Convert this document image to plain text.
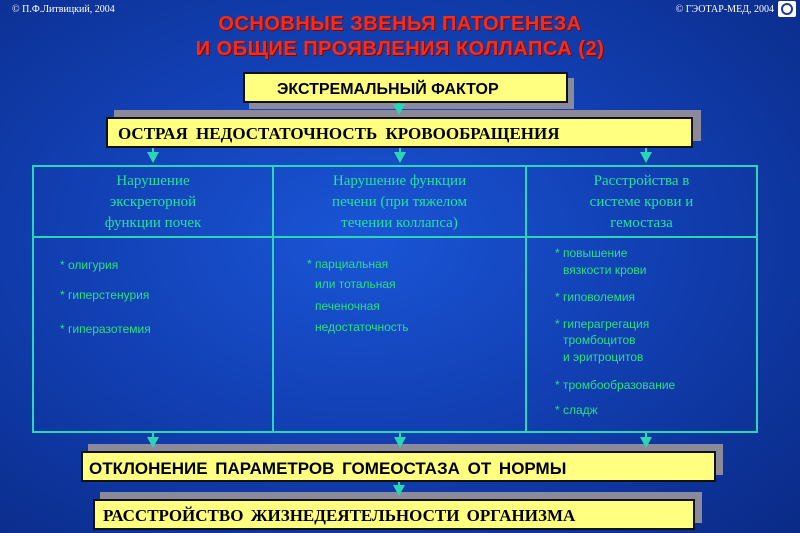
© П.Ф.Литвицкий, 2004	© ГЭОТАР-МЕД, 2004
ОСНОВНЫЕ ЗВЕНЬЯ ПАТОГЕНЕЗА
И ОБЩИЕ ПРОЯВЛЕНИЯ КОЛЛАПСА (2)
ЭКСТРЕМАЛЬНЫЙ ФАКТОР
ОСТРАЯ НЕДОСТАТОЧНОСТЬ КРОВООБРАЩЕНИЯ
Нарушение
экскреторной
функции почек
* олигурия
* гиперстенурия
* гиперазотемия
Нарушение функции
печени (при тяжелом
течении коллапса)
* парциальная
или тотальная
печеночная
недостаточность
Расстройства в
системе крови и
гемостаза
* повышение
вязкости крови
* гиповолемия
* гиперагрегация
тромбоцитов
и эритроцитов
* тромбообразование
* сладж
ОТКЛОНЕНИЕ ПАРАМЕТРОВ ГОМЕОСТАЗА ОТ НОРМЫ
РАССТРОЙСТВО ЖИЗНЕДЕЯТЕЛЬНОСТИ ОРГАНИЗМА
